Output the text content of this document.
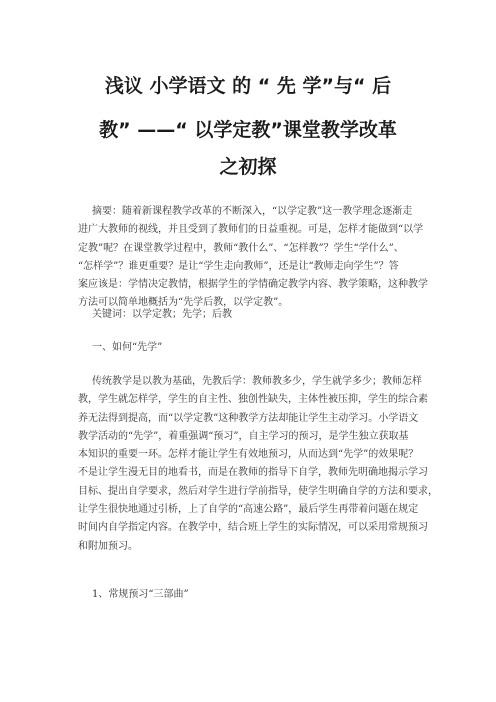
浅议 小学语文 的 “ 先 学”与“ 后
教” ——“ 以学定教”课堂教学改革
之初探
摘要：随着新课程教学改革的不断深入，“以学定教”这一教学理念逐渐走
进广大教师的视线，并且受到了教师们的日益重视。可是，怎样才能做到“以学
定教”呢？在课堂教学过程中，教师“教什么”、“怎样教”？学生“学什么”、
“怎样学”？谁更重要？是让“学生走向教师”，还是让“教师走向学生”？答
案应该是：学情决定教情，根据学生的学情确定教学内容、教学策略，这种教学
方法可以简单地概括为“先学后教，以学定教”。
关键词：以学定教；先学；后教
一、如何“先学”
传统教学是以教为基础，先教后学：教师教多少，学生就学多少；教师怎样
教，学生就怎样学，学生的自主性、独创性缺失，主体性被压抑，学生的综合素
养无法得到提高，而“以学定教”这种教学方法却能让学生主动学习。小学语文
教学活动的“先学”，着重强调“预习”，自主学习的预习，是学生独立获取基
本知识的重要一环。怎样才能让学生有效地预习，从而达到“先学”的效果呢？
不是让学生漫无目的地看书，而是在教师的指导下自学，教师先明确地揭示学习
目标、提出自学要求，然后对学生进行学前指导，使学生明确自学的方法和要求，
让学生很快地通过引桥，上了自学的“高速公路”，最后学生再带着问题在规定
时间内自学指定内容。在教学中，结合班上学生的实际情况，可以采用常规预习
和附加预习。
1、常规预习“三部曲”
